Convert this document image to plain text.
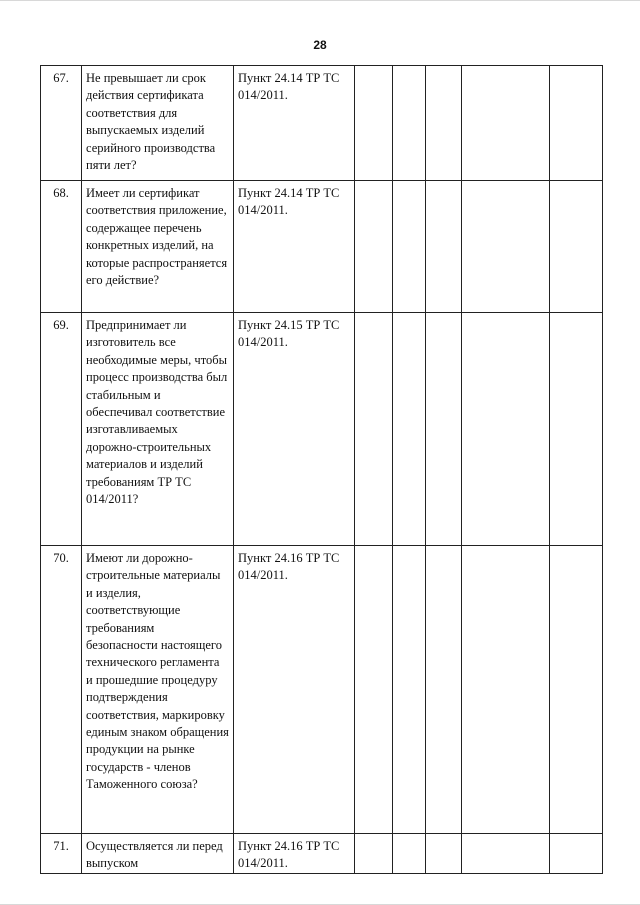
28
67.	Не превышает ли срок действия сертификата соответствия для выпускаемых изделий серийного производства пяти лет?	Пункт 24.14 ТР ТС 014/2011.					
68.	Имеет ли сертификат соответствия приложение, содержащее перечень конкретных изделий, на которые распространяется его действие?	Пункт 24.14 ТР ТС 014/2011.					
69.	Предпринимает ли изготовитель все необходимые меры, чтобы процесс производства был стабильным и обеспечивал соответствие изготавливаемых дорожно-строительных материалов и изделий требованиям ТР ТС 014/2011?	Пункт 24.15 ТР ТС 014/2011.					
70.	Имеют ли дорожно-строительные материалы и изделия, соответствующие требованиям безопасности настоящего технического регламента и прошедшие процедуру подтверждения соответствия, маркировку единым знаком обращения продукции на рынке государств - членов Таможенного союза?	Пункт 24.16 ТР ТС 014/2011.					
71.	Осуществляется ли перед выпуском	Пункт 24.16 ТР ТС 014/2011.					
